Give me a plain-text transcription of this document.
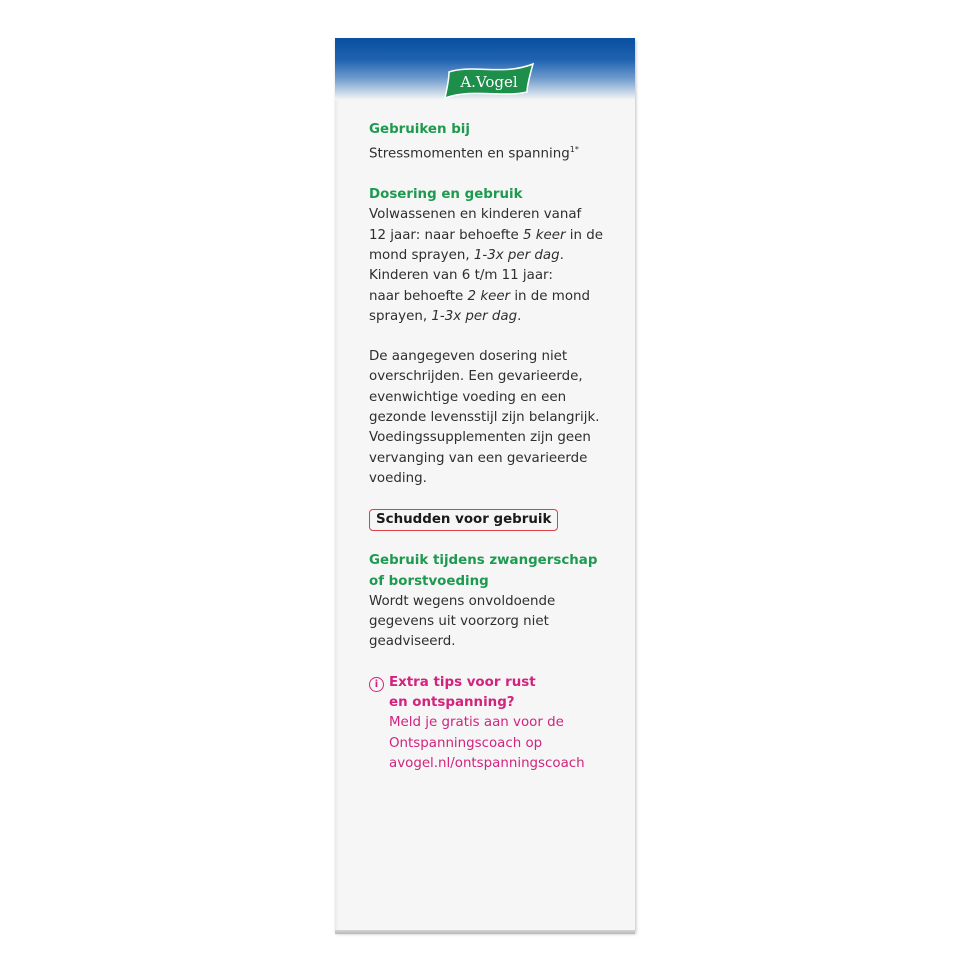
A.Vogel
Gebruiken bij
Stressmomenten en spanning$^{1*}$
Dosering en gebruik
Volwassenen en kinderen vanaf
12 jaar: naar behoefte 5 keer in de
mond sprayen, 1-3x per dag.
Kinderen van 6 t/m 11 jaar:
naar behoefte 2 keer in de mond
sprayen, 1-3x per dag.
De aangegeven dosering niet
overschrijden. Een gevarieerde,
evenwichtige voeding en een
gezonde levensstijl zijn belangrijk.
Voedingssupplementen zijn geen
vervanging van een gevarieerde
voeding.
Schudden voor gebruik
Gebruik tijdens zwangerschap
of borstvoeding
Wordt wegens onvoldoende
gegevens uit voorzorg niet
geadviseerd.
i Extra tips voor rust
en ontspanning?
Meld je gratis aan voor de
Ontspanningscoach op
avogel.nl/ontspanningscoach
